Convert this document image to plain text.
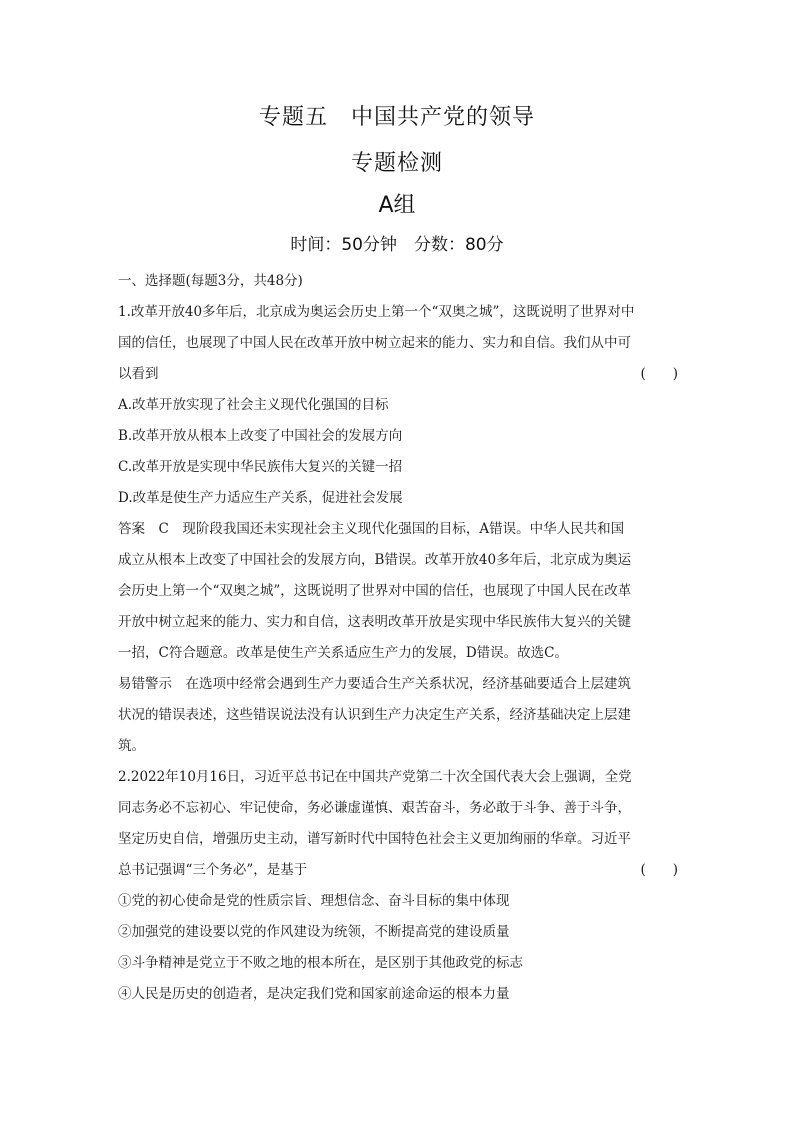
专题五　中国共产党的领导
专题检测
A组
时间：50分钟　分数：80分
一、选择题(每题3分，共48分)
1.改革开放40多年后，北京成为奥运会历史上第一个“双奥之城”，这既说明了世界对中
国的信任，也展现了中国人民在改革开放中树立起来的能力、实力和自信。我们从中可
以看到	(　　)
A.改革开放实现了社会主义现代化强国的目标
B.改革开放从根本上改变了中国社会的发展方向
C.改革开放是实现中华民族伟大复兴的关键一招
D.改革是使生产力适应生产关系，促进社会发展
答案　C　现阶段我国还未实现社会主义现代化强国的目标，A错误。中华人民共和国
成立从根本上改变了中国社会的发展方向，B错误。改革开放40多年后，北京成为奥运
会历史上第一个“双奥之城”，这既说明了世界对中国的信任，也展现了中国人民在改革
开放中树立起来的能力、实力和自信，这表明改革开放是实现中华民族伟大复兴的关键
一招，C符合题意。改革是使生产关系适应生产力的发展，D错误。故选C。
易错警示　在选项中经常会遇到生产力要适合生产关系状况，经济基础要适合上层建筑
状况的错误表述，这些错误说法没有认识到生产力决定生产关系，经济基础决定上层建
筑。
2.2022年10月16日，习近平总书记在中国共产党第二十次全国代表大会上强调，全党
同志务必不忘初心、牢记使命，务必谦虚谨慎、艰苦奋斗，务必敢于斗争、善于斗争，
坚定历史自信，增强历史主动，谱写新时代中国特色社会主义更加绚丽的华章。习近平
总书记强调“三个务必”，是基于	(　　)
①党的初心使命是党的性质宗旨、理想信念、奋斗目标的集中体现
②加强党的建设要以党的作风建设为统领，不断提高党的建设质量
③斗争精神是党立于不败之地的根本所在，是区别于其他政党的标志
④人民是历史的创造者，是决定我们党和国家前途命运的根本力量
